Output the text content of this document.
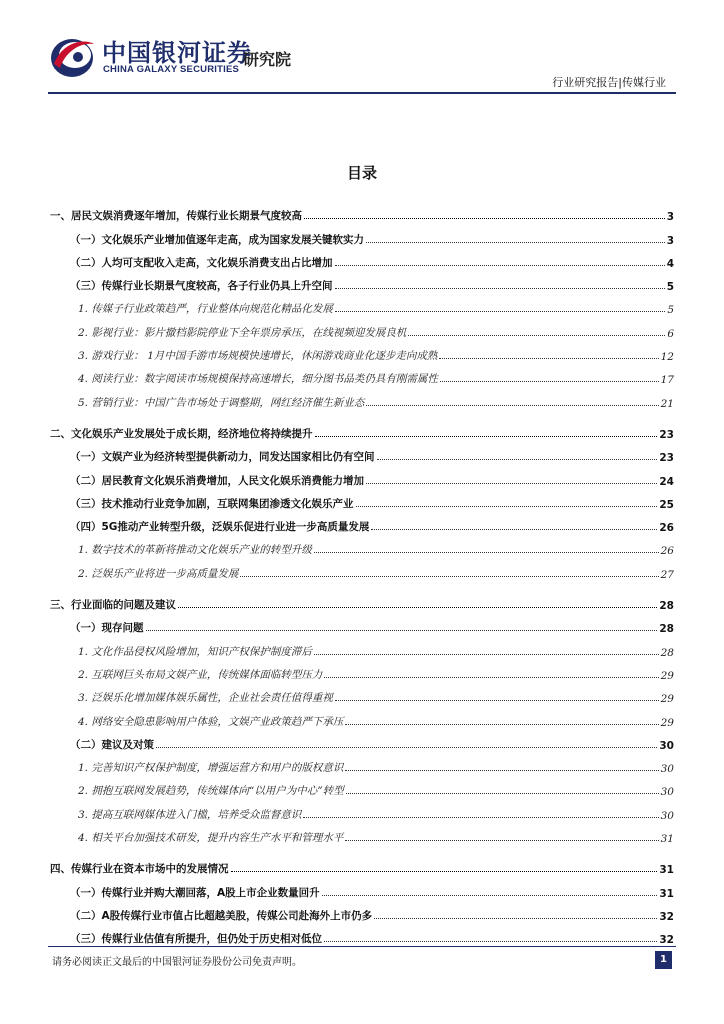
中国银河证券
CHINA GALAXY SECURITIES
研究院
行业研究报告|传媒行业
目录
一、居民文娱消费逐年增加，传媒行业长期景气度较高	3
（一）文化娱乐产业增加值逐年走高，成为国家发展关键软实力	3
（二）人均可支配收入走高，文化娱乐消费支出占比增加	4
（三）传媒行业长期景气度较高，各子行业仍具上升空间	5
1. 传媒子行业政策趋严，行业整体向规范化精品化发展	5
2. 影视行业：影片撤档影院停业下全年票房承压，在线视频迎发展良机	6
3. 游戏行业： 1月中国手游市场规模快速增长，休闲游戏商业化逐步走向成熟	12
4. 阅读行业：数字阅读市场规模保持高速增长，细分图书品类仍具有刚需属性	17
5. 营销行业：中国广告市场处于调整期，网红经济催生新业态	21
二、文化娱乐产业发展处于成长期，经济地位将持续提升	23
（一）文娱产业为经济转型提供新动力，同发达国家相比仍有空间	23
（二）居民教育文化娱乐消费增加，人民文化娱乐消费能力增加	24
（三）技术推动行业竞争加剧，互联网集团渗透文化娱乐产业	25
（四）5G推动产业转型升级，泛娱乐促进行业进一步高质量发展	26
1. 数字技术的革新将推动文化娱乐产业的转型升级	26
2. 泛娱乐产业将进一步高质量发展	27
三、行业面临的问题及建议	28
（一）现存问题	28
1. 文化作品侵权风险增加，知识产权保护制度滞后	28
2. 互联网巨头布局文娱产业，传统媒体面临转型压力	29
3. 泛娱乐化增加媒体娱乐属性，企业社会责任值得重视	29
4. 网络安全隐患影响用户体验，文娱产业政策趋严下承压	29
（二）建议及对策	30
1. 完善知识产权保护制度，增强运营方和用户的版权意识	30
2. 拥抱互联网发展趋势，传统媒体向“以用户为中心”转型	30
3. 提高互联网媒体进入门槛，培养受众监督意识	30
4. 相关平台加强技术研发，提升内容生产水平和管理水平	31
四、传媒行业在资本市场中的发展情况	31
（一）传媒行业并购大潮回落，A股上市企业数量回升	31
（二）A股传媒行业市值占比超越美股，传媒公司赴海外上市仍多	32
（三）传媒行业估值有所提升，但仍处于历史相对低位	32
请务必阅读正文最后的中国银河证券股份公司免责声明。	1
